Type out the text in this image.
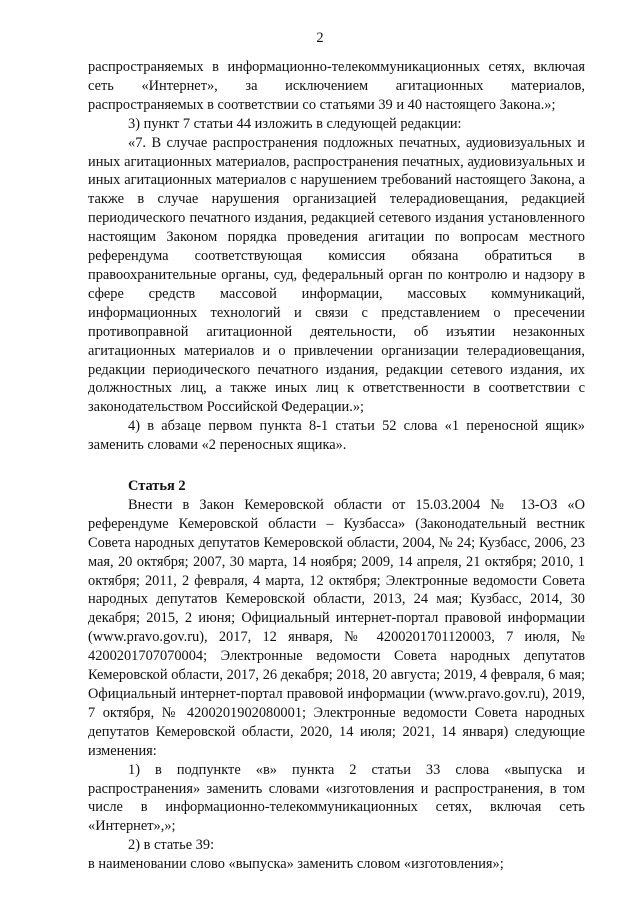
2

распространяемых в информационно-телекоммуникационных сетях, включая

сеть «Интернет», за исключением агитационных материалов,

распространяемых в соответствии со статьями 39 и 40 настоящего Закона.»;

3) пункт 7 статьи 44 изложить в следующей редакции:

«7. В случае распространения подложных печатных, аудиовизуальных и иных агитационных материалов, распространения печатных, аудиовизуальных и иных агитационных материалов с нарушением требований настоящего Закона, а также в случае нарушения организацией телерадиовещания, редакцией периодического печатного издания, редакцией сетевого издания установленного настоящим Законом порядка проведения агитации по вопросам местного референдума соответствующая комиссия обязана обратиться в правоохранительные органы, суд, федеральный орган по контролю и надзору в сфере средств массовой информации, массовых коммуникаций, информационных технологий и связи с представлением о пресечении противоправной агитационной деятельности, об изъятии незаконных агитационных материалов и о привлечении организации телерадиовещания, редакции периодического печатного издания, редакции сетевого издания, их должностных лиц, а также иных лиц к ответственности в соответствии с законодательством Российской Федерации.»;

4) в абзаце первом пункта 8-1 статьи 52 слова «1 переносной ящик» заменить словами «2 переносных ящика».

Статья 2

Внести в Закон Кемеровской области от 15.03.2004 № 13-ОЗ «О референдуме Кемеровской области – Кузбасса» (Законодательный вестник Совета народных депутатов Кемеровской области, 2004, № 24; Кузбасс, 2006, 23 мая, 20 октября; 2007, 30 марта, 14 ноября; 2009, 14 апреля, 21 октября; 2010, 1 октября; 2011, 2 февраля, 4 марта, 12 октября; Электронные ведомости Совета народных депутатов Кемеровской области, 2013, 24 мая; Кузбасс, 2014, 30 декабря; 2015, 2 июня; Официальный интернет-портал правовой информации (www.pravo.gov.ru), 2017, 12 января, № 4200201701120003, 7 июля, № 4200201707070004; Электронные ведомости Совета народных депутатов Кемеровской области, 2017, 26 декабря; 2018, 20 августа; 2019, 4 февраля, 6 мая; Официальный интернет-портал правовой информации (www.pravo.gov.ru), 2019, 7 октября, № 4200201902080001; Электронные ведомости Совета народных депутатов Кемеровской области, 2020, 14 июля; 2021, 14 января) следующие изменения:

1) в подпункте «в» пункта 2 статьи 33 слова «выпуска и распространения» заменить словами «изготовления и распространения, в том числе в информационно-телекоммуникационных сетях, включая сеть «Интернет»,»;

2) в статье 39:

в наименовании слово «выпуска» заменить словом «изготовления»;
